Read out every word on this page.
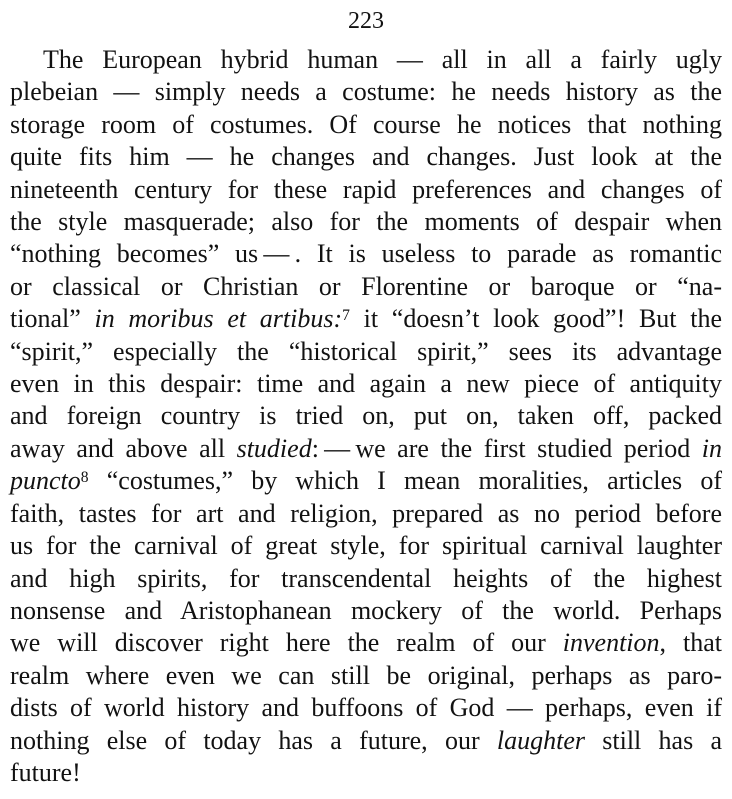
223
The European hybrid human — all in all a fairly ugly
plebeian — simply needs a costume: he needs history as the
storage room of costumes. Of course he notices that nothing
quite fits him — he changes and changes. Just look at the
nineteenth century for these rapid preferences and changes of
the style masquerade; also for the moments of despair when
“nothing becomes” us — . It is useless to parade as romantic
or classical or Christian or Florentine or baroque or “na-
tional” in moribus et artibus:$^7$ it “doesn’t look good”! But the
“spirit,” especially the “historical spirit,” sees its advantage
even in this despair: time and again a new piece of antiquity
and foreign country is tried on, put on, taken off, packed
away and above all studied: — we are the first studied period in
puncto$^8$ “costumes,” by which I mean moralities, articles of
faith, tastes for art and religion, prepared as no period before
us for the carnival of great style, for spiritual carnival laughter
and high spirits, for transcendental heights of the highest
nonsense and Aristophanean mockery of the world. Perhaps
we will discover right here the realm of our invention, that
realm where even we can still be original, perhaps as paro-
dists of world history and buffoons of God — perhaps, even if
nothing else of today has a future, our laughter still has a
future!
